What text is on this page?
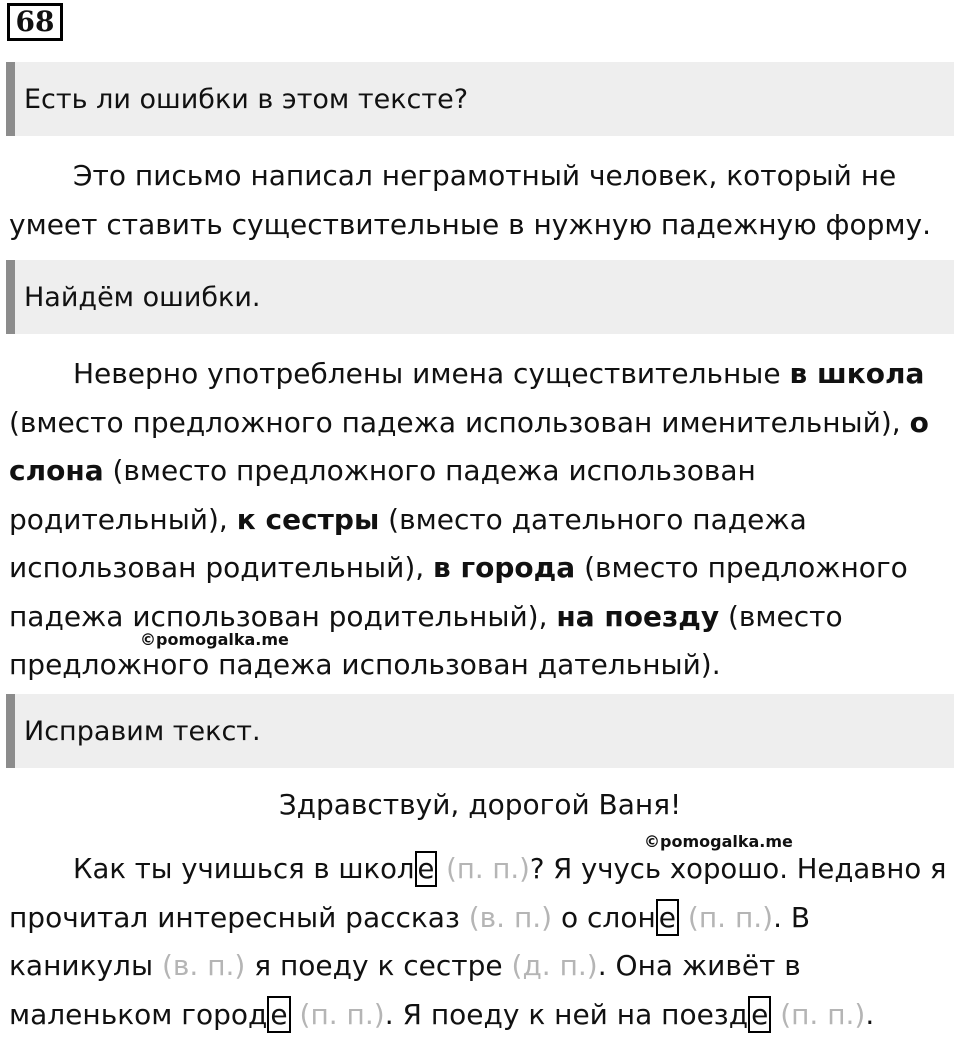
68
Есть ли ошибки в этом тексте?
Это письмо написал неграмотный человек, который не
умеет ставить существительные в нужную падежную форму.
Найдём ошибки.
Неверно употреблены имена существительные в школа
(вместо предложного падежа использован именительный), о
слона (вместо предложного падежа использован
родительный), к сестры (вместо дательного падежа
использован родительный), в города (вместо предложного
падежа использован родительный), на поезду (вместо
предложного падежа использован дательный).
©pomogalka.me
Исправим текст.
Здравствуй, дорогой Ваня!
©pomogalka.me
Как ты учишься в школ е (п. п.)? Я учусь хорошо. Недавно я
прочитал интересный рассказ (в. п.) о слон е (п. п.). В
каникулы (в. п.) я поеду к сестре (д. п.). Она живёт в
маленьком город е (п. п.). Я поеду к ней на поезд е (п. п.).
